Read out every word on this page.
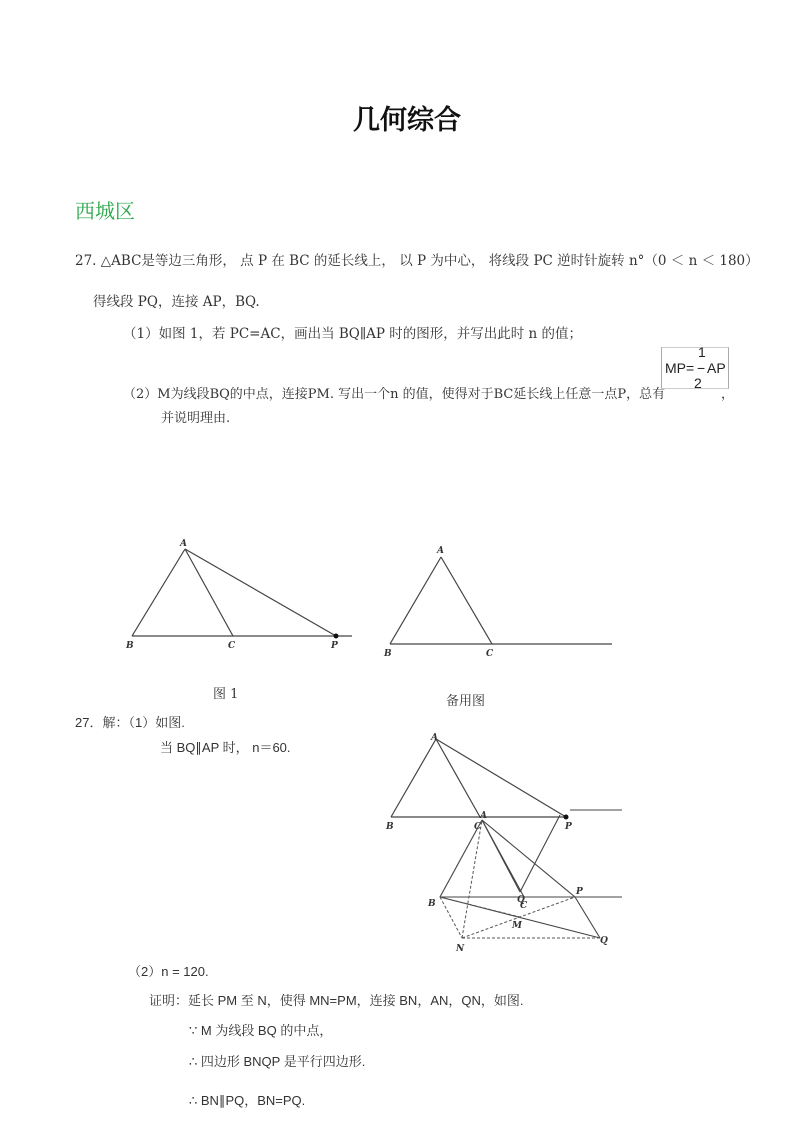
几何综合
西城区
27. △ABC是等边三角形， 点 P 在 BC 的延长线上， 以 P 为中心， 将线段 PC 逆时针旋转 n°（0 ＜ n ＜ 180）
得线段 PQ，连接 AP，BQ.
（1）如图 1，若 PC=AC，画出当 BQ∥AP 时的图形，并写出此时 n 的值；
（2）M为线段BQ的中点，连接PM. 写出一个n 的值，使得对于BC延长线上任意一点P，总有
1
MP= − AP
2
，
并说明理由.
A
B	C	P
图 1
A
B	C
备用图
27．解：（1）如图.
当 BQ∥AP 时， n＝60.
A
B	C	P
A
B	C
P
Q
Q
M
N
（2）n = 120.
证明：延长 PM 至 N，使得 MN=PM，连接 BN，AN，QN，如图.
∵ M 为线段 BQ 的中点，
∴ 四边形 BNQP 是平行四边形.
∴ BN∥PQ，BN=PQ.
